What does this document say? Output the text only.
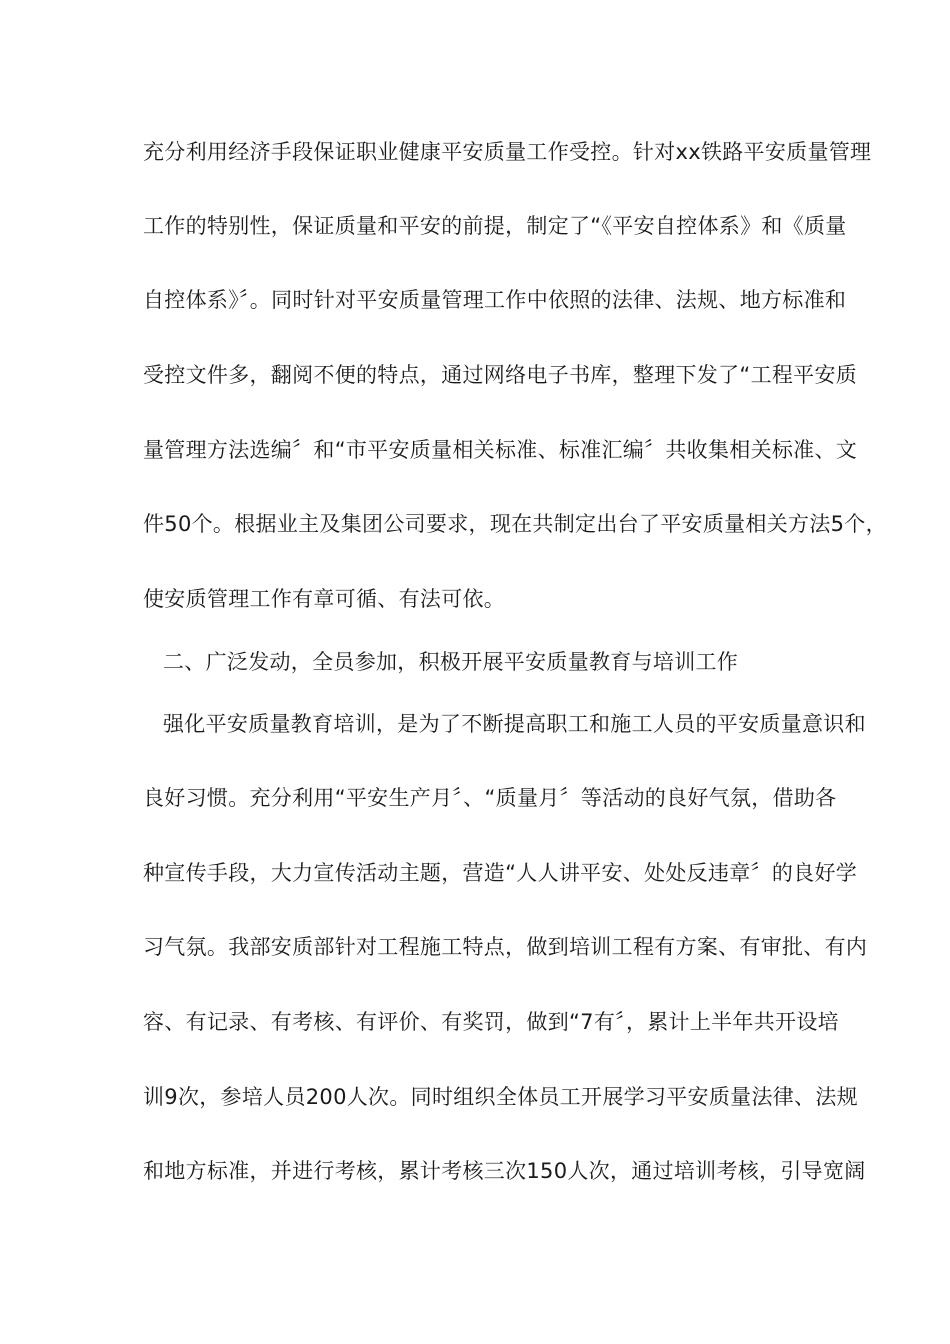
充分利用经济手段保证职业健康平安质量工作受控。针对xx铁路平安质量管理
工作的特别性，保证质量和平安的前提，制定了“《平安自控体系》和《质量
自控体系》〞。同时针对平安质量管理工作中依照的法律、法规、地方标准和
受控文件多，翻阅不便的特点，通过网络电子书库，整理下发了“工程平安质
量管理方法选编〞和“市平安质量相关标准、标准汇编〞共收集相关标准、文
件50个。根据业主及集团公司要求，现在共制定出台了平安质量相关方法5个，
使安质管理工作有章可循、有法可依。
二、广泛发动，全员参加，积极开展平安质量教育与培训工作
强化平安质量教育培训，是为了不断提高职工和施工人员的平安质量意识和
良好习惯。充分利用“平安生产月〞、“质量月〞等活动的良好气氛，借助各
种宣传手段，大力宣传活动主题，营造“人人讲平安、处处反违章〞的良好学
习气氛。我部安质部针对工程施工特点，做到培训工程有方案、有审批、有内
容、有记录、有考核、有评价、有奖罚，做到“7有〞，累计上半年共开设培
训9次，参培人员200人次。同时组织全体员工开展学习平安质量法律、法规
和地方标准，并进行考核，累计考核三次150人次，通过培训考核，引导宽阔
